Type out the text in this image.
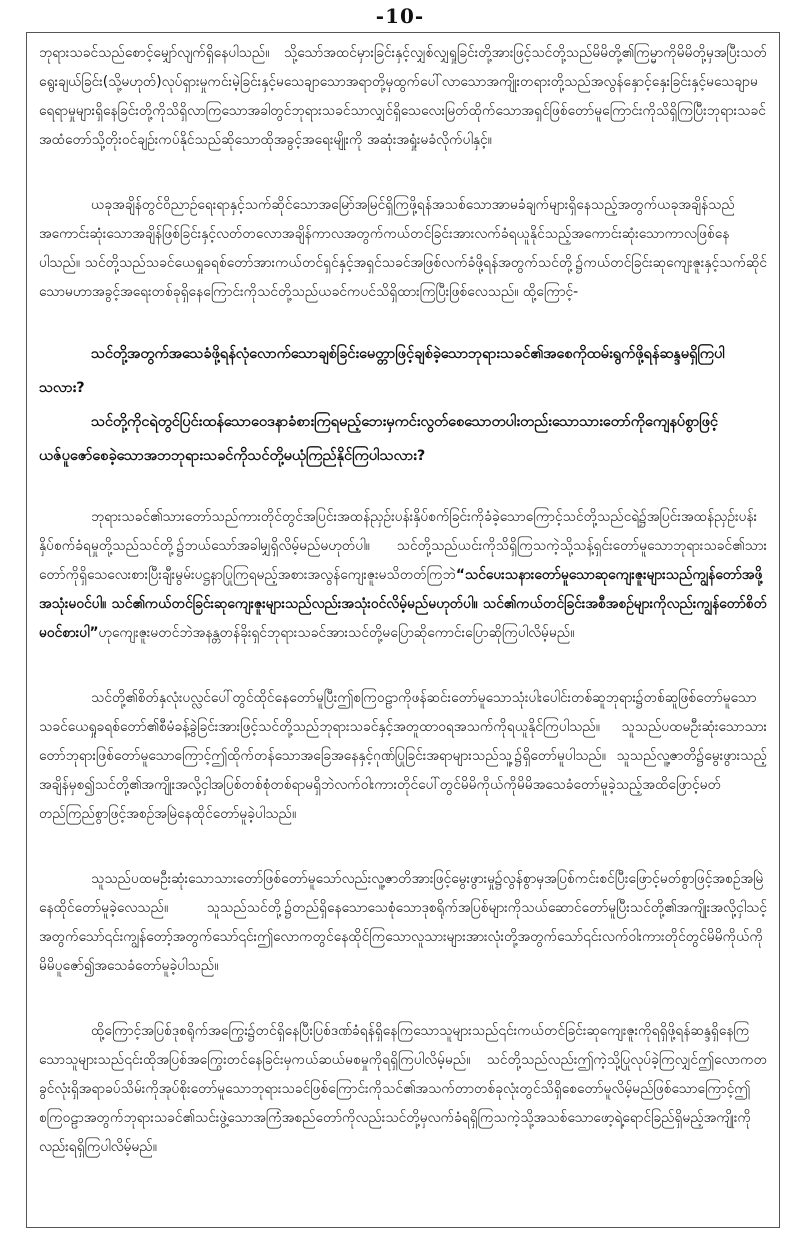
-10-

ဘုရားသခင်သည်စောင့်မျှော်လျက်ရှိနေပါသည်။ သို့သော်အထင်မှားခြင်းနှင့်လျှစ်လျှရှုခြင်းတို့အားဖြင့်သင်တို့သည်မိမိတို့၏ကြမ္မာကိုမိမိတို့မှအပြီးသတ်ရွေးချယ်ခြင်း(သို့မဟုတ်)လုပ်ရှားမှုကင်းမဲ့ခြင်းနှင့်မသေချာသောအရာတို့မှထွက်ပေါ်လာသောအကျိုးတရားတို့သည်အလွန်နှောင့်နှေးခြင်းနှင့်မသေချာမရေရာမှုများရှိနေခြင်းတို့ကိုသိရှိလာကြသောအခါတွင်ဘုရားသခင်သာလျှင်ရှိသေလေးမြတ်ထိုက်သောအရှင်ဖြစ်တော်မူကြောင်းကိုသိရှိကြပြီးဘုရားသခင်အထံတော်သို့တိုးဝင်ချဉ်းကပ်နိုင်သည်ဆိုသောထိုအခွင့်အရေးမျိုးကို အဆုံးအရှုံးမခံလိုက်ပါနှင့်။

ယခုအချိန်တွင်ဝိညာဉ်ရေးရာနှင့်သက်ဆိုင်သောအမြော်အမြင်ရှိကြဖို့ရန်အသစ်သောအာမခံချက်များရှိနေသည့်အတွက်ယခုအချိန်သည်အကောင်းဆုံးသောအချိန်ဖြစ်ခြင်းနှင့်လတ်တလောအချိန်ကာလအတွက်ကယ်တင်ခြင်းအားလက်ခံရယူနိုင်သည့်အကောင်းဆုံးသောကာလဖြစ်နေပါသည်။ သင်တို့သည်သခင်ယေရှုခရစ်တော်အားကယ်တင်ရှင်နှင့်အရှင်သခင်အဖြစ်လက်ခံဖို့ရန်အတွက်သင်တို့၌ကယ်တင်ခြင်းဆုကျေးဇူးနှင့်သက်ဆိုင်သောမဟာအခွင့်အရေးတစ်ခုရှိနေကြောင်းကိုသင်တို့သည်ယခင်ကပင်သိရှိထားကြပြီးဖြစ်လေသည်။ ထို့ကြောင့်-

သင်တို့အတွက်အသေခံဖို့ရန်လုံလောက်သောချစ်ခြင်းမေတ္တာဖြင့်ချစ်ခဲ့သောဘုရားသခင်၏အစေကိုထမ်းရွက်ဖို့ရန်ဆန္ဒမရှိကြပါသလား?

သင်တို့ကိုငရဲတွင်ပြင်းထန်သောဝေဒနာခံစားကြရမည့်ဘေးမှကင်းလွတ်စေသောတပါးတည်းသောသားတော်ကိုကျေနပ်စွာဖြင့်ယဇ်ပူဇော်စေခဲ့သောအဘဘုရားသခင်ကိုသင်တို့မယုံကြည်နိုင်ကြပါသလား?

ဘုရားသခင်၏သားတော်သည်ကားတိုင်တွင်အပြင်းအထန်ညှဉ်းပန်းနှိပ်စက်ခြင်းကိုခံခဲ့သောကြောင့်သင်တို့သည်ငရဲ၌အပြင်းအထန်ညှဉ်းပန်းနှိပ်စက်ခံရမှုတို့သည်သင်တို့၌ဘယ်သော်အခါမျှရှိလိမ့်မည်မဟုတ်ပါ။ သင်တို့သည်ယင်းကိုသိရှိကြသကဲ့သို့သန့်ရှင်းတော်မူသောဘုရားသခင်၏သားတော်ကိုရှိသေလေးစားပြီးချီးမွမ်းပဋ္ဌနာပြုကြရမည့်အစားအလွန်ကျေးဇူးမသိတတ်ကြဘဲ“သင်ပေးသနားတော်မူသောဆုကျေးဇူးများသည်ကျွန်တော်အဖို့အသုံးမဝင်ပါ။ သင်၏ကယ်တင်ခြင်းဆုကျေးဇူးများသည်လည်းအသုံးဝင်လိမ့်မည်မဟုတ်ပါ။ သင်၏ကယ်တင်ခြင်းအစီအစဉ်များကိုလည်းကျွန်တော်စိတ်မဝင်စားပါ”ဟုကျေးဇူးမတင်ဘဲအနန္တတန်ခိုးရှင်ဘုရားသခင်အားသင်တို့မပြောဆိုကောင်းပြောဆိုကြပါလိမ့်မည်။

သင်တို့၏စိတ်နှလုံးပလ္လင်ပေါ်တွင်ထိုင်နေတော်မူပြီးဤစကြဝဠာကိုဖန်ဆင်းတော်မူသောသုံးပါးပေါင်းတစ်ဆူဘုရား၌တစ်ဆူဖြစ်တော်မူသောသခင်ယေရှုခရစ်တော်၏စီမံခန့်ခွဲခြင်းအားဖြင့်သင်တို့သည်ဘုရားသခင်နှင့်အတူထာဝရအသက်ကိုရယူနိုင်ကြပါသည်။ သူသည်ပထမဦးဆုံးသောသားတော်ဘုရားဖြစ်တော်မူသောကြောင့်ဤထိုက်တန်သောအခြေအနေနှင့်ဂုဏ်ပြုခြင်းအရာများသည်သူ့၌ရှိတော်မူပါသည်။ သူသည်လူ့ဇာတိ၌မွေးဖွားသည့်အချိန်မှစ၍သင်တို့၏အကျိုးအလို့ငှါအပြစ်တစ်စုံတစ်ရာမရှိဘဲလက်ဝါးကားတိုင်ပေါ်တွင်မိမိကိုယ်ကိုမိမိအသေခံတော်မူခဲ့သည့်အထိဖြောင့်မတ်တည်ကြည်စွာဖြင့်အစဉ်အမြဲနေထိုင်တော်မူခဲ့ပါသည်။

သူသည်ပထမဦးဆုံးသောသားတော်ဖြစ်တော်မူသော်လည်းလူ့ဇာတိအားဖြင့်မွေးဖွားမှု၌လွန်စွာမှအပြစ်ကင်းစင်ပြီးဖြောင့်မတ်စွာဖြင့်အစဉ်အမြဲနေထိုင်တော်မူခဲ့လေသည်။ သူသည်သင်တို့၌တည်ရှိနေသောသေစုံသောဒုစရိုက်အပြစ်များကိုသယ်ဆောင်တော်မူပြီးသင်တို့၏အကျိုးအလို့ငှါသင့်အတွက်သော်၎င်းကျွန်တော့်အတွက်သော်၎င်းဤလောကတွင်နေထိုင်ကြသောလူသားများအားလုံးတို့အတွက်သော်၎င်းလက်ဝါးကားတိုင်တွင်မိမိကိုယ်ကိုမိမိပူဇော်၍အသေခံတော်မူခဲ့ပါသည်။

ထို့ကြောင့်အပြစ်ဒုစရိုက်အကြွေး၌တင်ရှိနေပြီးပြစ်ဒဏ်ခံရန်ရှိနေကြသောသူများသည်၎င်းကယ်တင်ခြင်းဆုကျေးဇူးကိုရရှိဖို့ရန်ဆန္ဒရှိနေကြသောသူများသည်၎င်းထိုအပြစ်အကြွေးတင်နေခြင်းမှကယ်ဆယ်မစမှုကိုရရှိကြပါလိမ့်မည်။ သင်တို့သည်လည်းဤကဲ့သို့ပြုလုပ်ခဲ့ကြလျှင်ဤလောကတခွင်လုံးရှိအရာခပ်သိမ်းကိုအုပ်စိုးတော်မူသောဘုရားသခင်ဖြစ်ကြောင်းကိုသင်၏အသက်တာတစ်ခုလုံးတွင်သိရှိစေတော်မူလိမ့်မည်ဖြစ်သောကြောင့်ဤစကြဝဠာအတွက်ဘုရားသခင်၏သင်းဖွဲ့သောအကြံအစည်တော်ကိုလည်းသင်တို့မှလက်ခံရရှိကြသကဲ့သို့အသစ်သောဖော့ရဲ့ရောင်ခြည်ရှိမည့်အကျိုးကိုလည်းရရှိကြပါလိမ့်မည်။
